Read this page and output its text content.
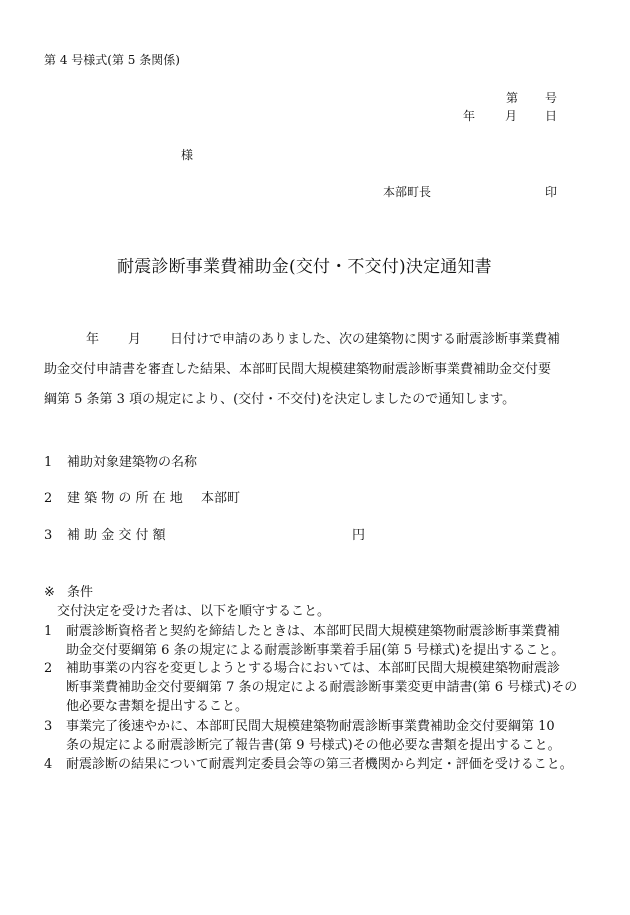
第 4 号様式(第 5 条関係)
第 号
年 月 日
様
本部町長	印
耐震診断事業費補助金(交付・不交付)決定通知書
年 月 日付けで申請のありました、次の建築物に関する耐震診断事業費補
助金交付申請書を審査した結果、本部町民間大規模建築物耐震診断事業費補助金交付要
綱第 5 条第 3 項の規定により、(交付・不交付)を決定しましたので通知します。
1 補助対象建築物の名称
2 建 築 物 の 所 在 地 本部町
3 補 助 金 交 付 額	円
※ 条件
交付決定を受けた者は、以下を順守すること。
1 耐震診断資格者と契約を締結したときは、本部町民間大規模建築物耐震診断事業費補
助金交付要綱第 6 条の規定による耐震診断事業着手届(第 5 号様式)を提出すること。
2 補助事業の内容を変更しようとする場合においては、本部町民間大規模建築物耐震診
断事業費補助金交付要綱第 7 条の規定による耐震診断事業変更申請書(第 6 号様式)その
他必要な書類を提出すること。
3 事業完了後速やかに、本部町民間大規模建築物耐震診断事業費補助金交付要綱第 10
条の規定による耐震診断完了報告書(第 9 号様式)その他必要な書類を提出すること。
4 耐震診断の結果について耐震判定委員会等の第三者機関から判定・評価を受けること。
